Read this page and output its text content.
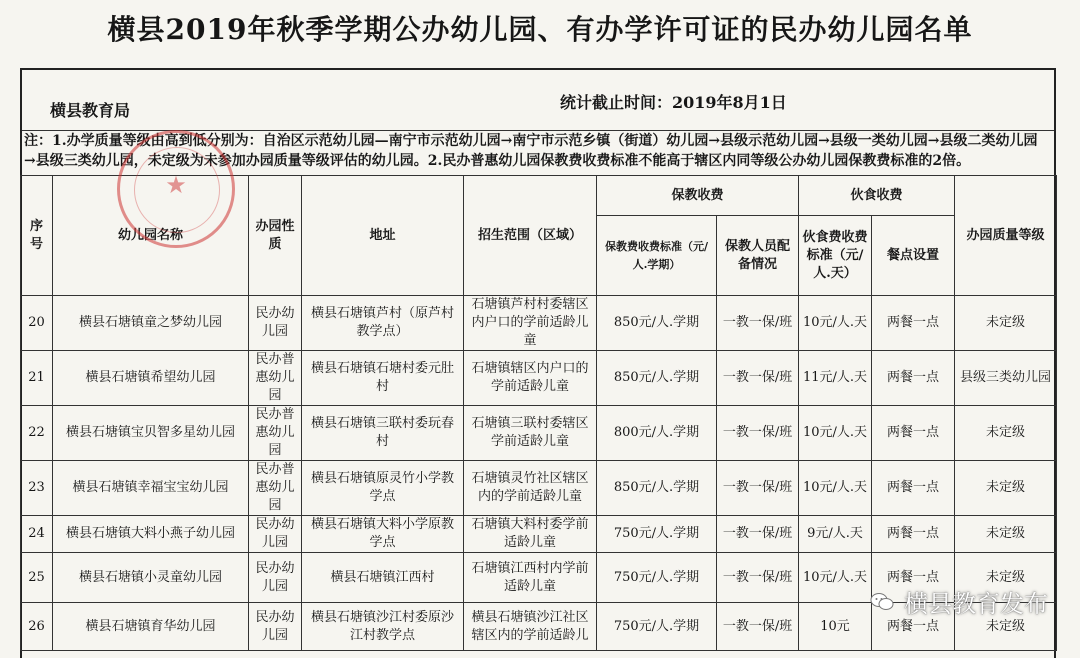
横县2019年秋季学期公办幼儿园、有办学许可证的民办幼儿园名单
横县教育局	统计截止时间：2019年8月1日
注：1.办学质量等级由高到低分别为：自治区示范幼儿园—南宁市示范幼儿园→南宁市示范乡镇（街道）幼儿园→县级示范幼儿园→县级一类幼儿园→县级二类幼儿园→县级三类幼儿园，未定级为未参加办园质量等级评估的幼儿园。2.民办普惠幼儿园保教费收费标准不能高于辖区内同等级公办幼儿园保教费标准的2倍。
序号	幼儿园名称	办园性质	地址	招生范围（区域）	保教收费		伙食收费		办园质量等级
					保教费收费标准（元/人.学期）	保教人员配备情况	伙食费收费标准（元/人.天）	餐点设置	
20	横县石塘镇童之梦幼儿园	民办幼儿园	横县石塘镇芦村（原芦村教学点）	石塘镇芦村村委辖区内户口的学前适龄儿童	850元/人.学期	一教一保/班	10元/人.天	两餐一点	未定级
21	横县石塘镇希望幼儿园	民办普惠幼儿园	横县石塘镇石塘村委元肚村	石塘镇辖区内户口的学前适龄儿童	850元/人.学期	一教一保/班	11元/人.天	两餐一点	县级三类幼儿园
22	横县石塘镇宝贝智多星幼儿园	民办普惠幼儿园	横县石塘镇三联村委玩春村	石塘镇三联村委辖区学前适龄儿童	800元/人.学期	一教一保/班	10元/人.天	两餐一点	未定级
23	横县石塘镇幸福宝宝幼儿园	民办普惠幼儿园	横县石塘镇原灵竹小学教学点	石塘镇灵竹社区辖区内的学前适龄儿童	850元/人.学期	一教一保/班	10元/人.天	两餐一点	未定级
24	横县石塘镇大料小燕子幼儿园	民办幼儿园	横县石塘镇大料小学原教学点	石塘镇大料村委学前适龄儿童	750元/人.学期	一教一保/班	9元/人.天	两餐一点	未定级
25	横县石塘镇小灵童幼儿园	民办幼儿园	横县石塘镇江西村	石塘镇江西村内学前适龄儿童	750元/人.学期	一教一保/班	10元/人.天	两餐一点	未定级
26	横县石塘镇育华幼儿园	民办幼儿园	横县石塘镇沙江村委原沙江村教学点	横县石塘镇沙江社区辖区内的学前适龄儿	750元/人.学期	一教一保/班	10元	两餐一点	未定级
★
横县教育发布
